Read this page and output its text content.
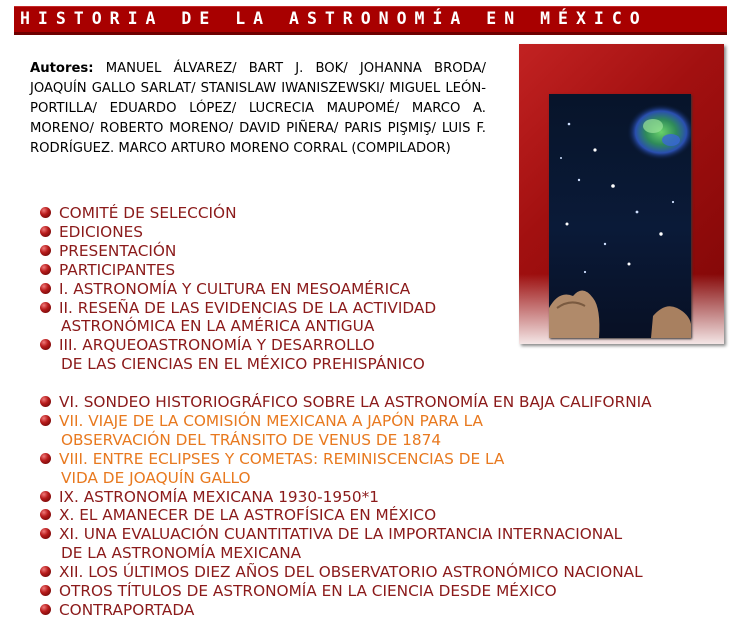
HISTORIA DE LA ASTRONOMÍA EN MÉXICO
Autores: MANUEL ÁLVAREZ/ BART J. BOK/ JOHANNA BRODA/ JOAQUÍN GALLO SARLAT/ STANISLAW IWANISZEWSKI/ MIGUEL LEÓN-PORTILLA/ EDUARDO LÓPEZ/ LUCRECIA MAUPOMÉ/ MARCO A. MORENO/ ROBERTO MORENO/ DAVID PIÑERA/ PARIS PIŞMIŞ/ LUIS F. RODRÍGUEZ. MARCO ARTURO MORENO CORRAL (COMPILADOR)
COMITÉ DE SELECCIÓN
EDICIONES
PRESENTACIÓN
PARTICIPANTES
I. ASTRONOMÍA Y CULTURA EN MESOAMÉRICA
II. RESEÑA DE LAS EVIDENCIAS DE LA ACTIVIDAD
ASTRONÓMICA EN LA AMÉRICA ANTIGUA
III. ARQUEOASTRONOMÍA Y DESARROLLO
DE LAS CIENCIAS EN EL MÉXICO PREHISPÁNICO
VI. SONDEO HISTORIOGRÁFICO SOBRE LA ASTRONOMÍA EN BAJA CALIFORNIA
VII. VIAJE DE LA COMISIÓN MEXICANA A JAPÓN PARA LA
OBSERVACIÓN DEL TRÁNSITO DE VENUS DE 1874
VIII. ENTRE ECLIPSES Y COMETAS: REMINISCENCIAS DE LA
VIDA DE JOAQUÍN GALLO
IX. ASTRONOMÍA MEXICANA 1930-1950*1
X. EL AMANECER DE LA ASTROFÍSICA EN MÉXICO
XI. UNA EVALUACIÓN CUANTITATIVA DE LA IMPORTANCIA INTERNACIONAL
DE LA ASTRONOMÍA MEXICANA
XII. LOS ÚLTIMOS DIEZ AÑOS DEL OBSERVATORIO ASTRONÓMICO NACIONAL
OTROS TÍTULOS DE ASTRONOMÍA EN LA CIENCIA DESDE MÉXICO
CONTRAPORTADA
